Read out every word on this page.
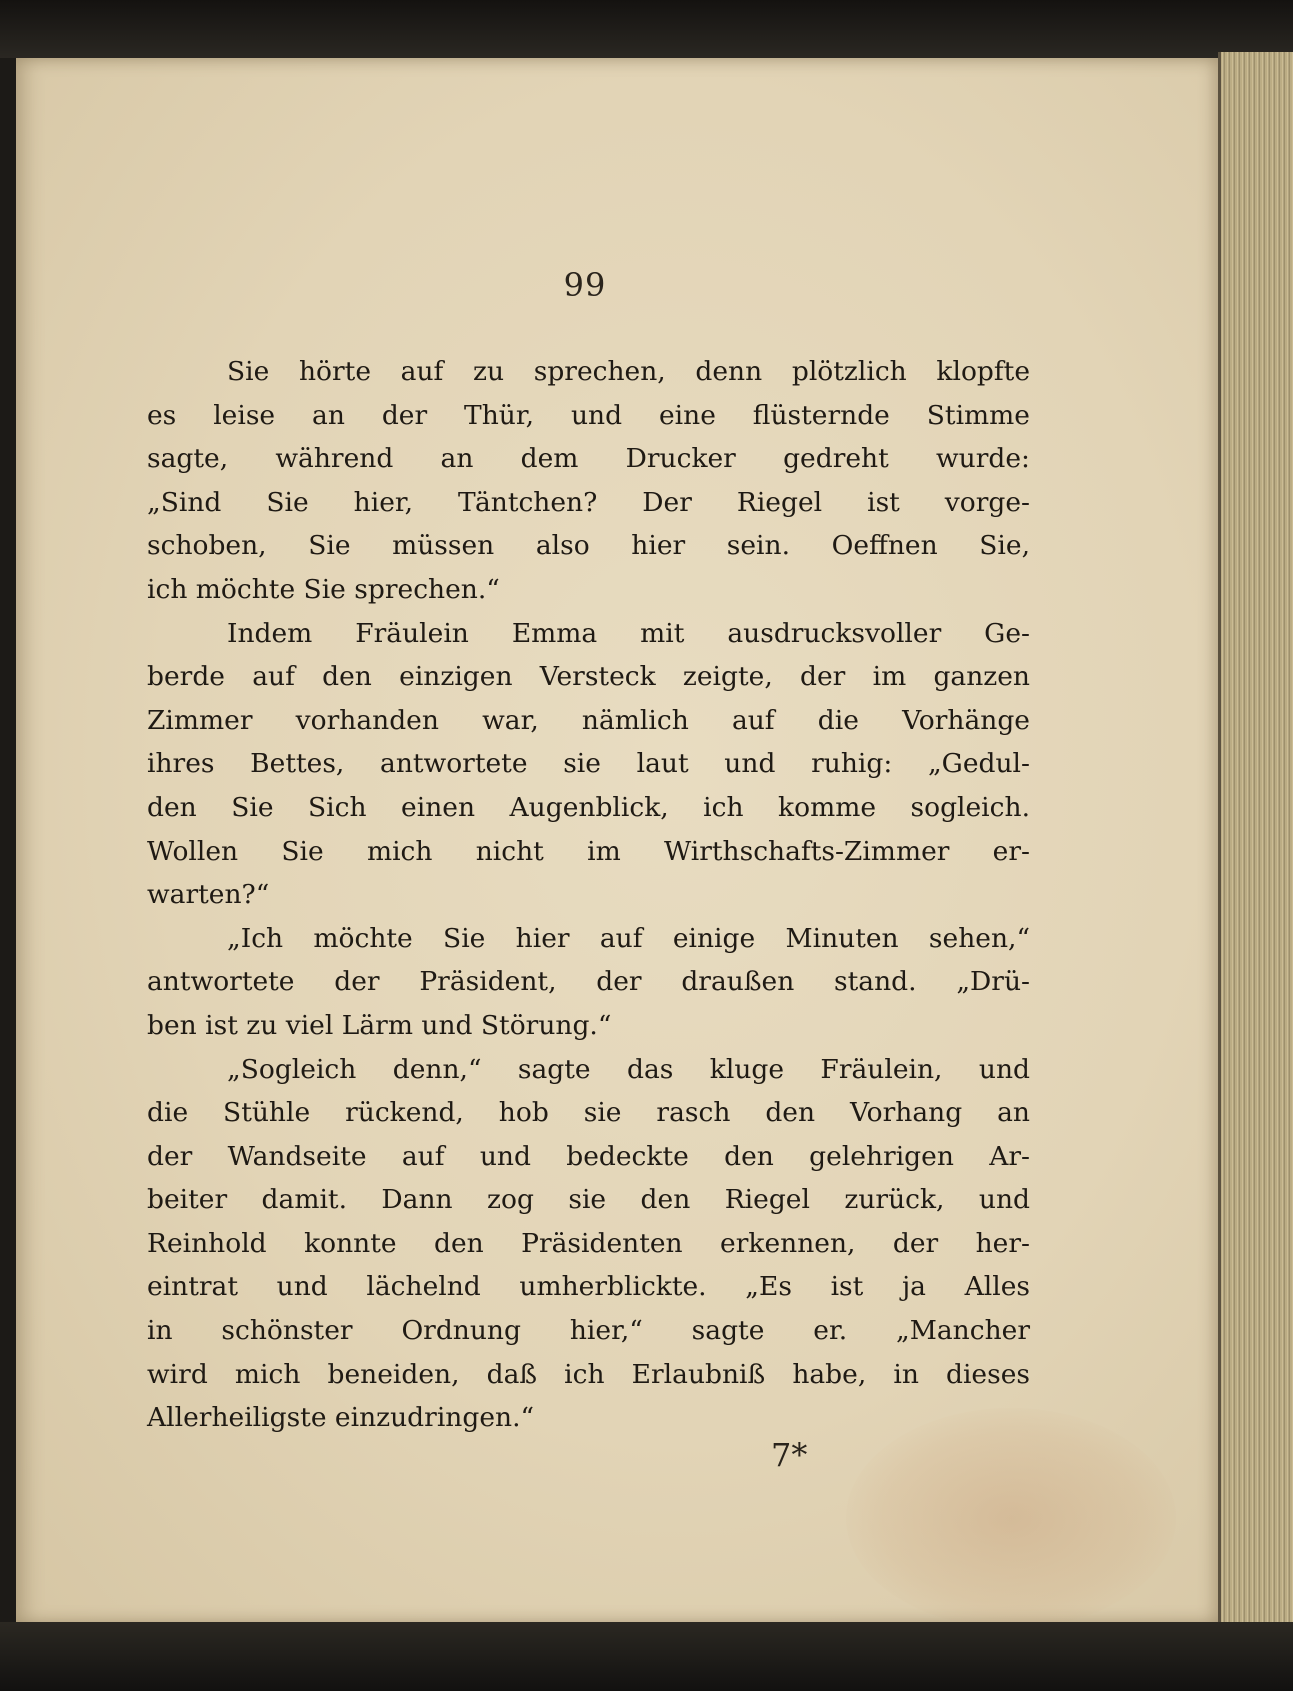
99
Sie hörte auf zu sprechen, denn plötzlich klopfte
es leise an der Thür, und eine flüsternde Stimme
sagte, während an dem Drucker gedreht wurde:
„Sind Sie hier, Täntchen? Der Riegel ist vorge-
schoben, Sie müssen also hier sein. Oeffnen Sie,
ich möchte Sie sprechen.“
Indem Fräulein Emma mit ausdrucksvoller Ge-
berde auf den einzigen Versteck zeigte, der im ganzen
Zimmer vorhanden war, nämlich auf die Vorhänge
ihres Bettes, antwortete sie laut und ruhig: „Gedul-
den Sie Sich einen Augenblick, ich komme sogleich.
Wollen Sie mich nicht im Wirthschafts-Zimmer er-
warten?“
„Ich möchte Sie hier auf einige Minuten sehen,“
antwortete der Präsident, der draußen stand. „Drü-
ben ist zu viel Lärm und Störung.“
„Sogleich denn,“ sagte das kluge Fräulein, und
die Stühle rückend, hob sie rasch den Vorhang an
der Wandseite auf und bedeckte den gelehrigen Ar-
beiter damit. Dann zog sie den Riegel zurück, und
Reinhold konnte den Präsidenten erkennen, der her-
eintrat und lächelnd umherblickte. „Es ist ja Alles
in schönster Ordnung hier,“ sagte er. „Mancher
wird mich beneiden, daß ich Erlaubniß habe, in dieses
Allerheiligste einzudringen.“
7*
